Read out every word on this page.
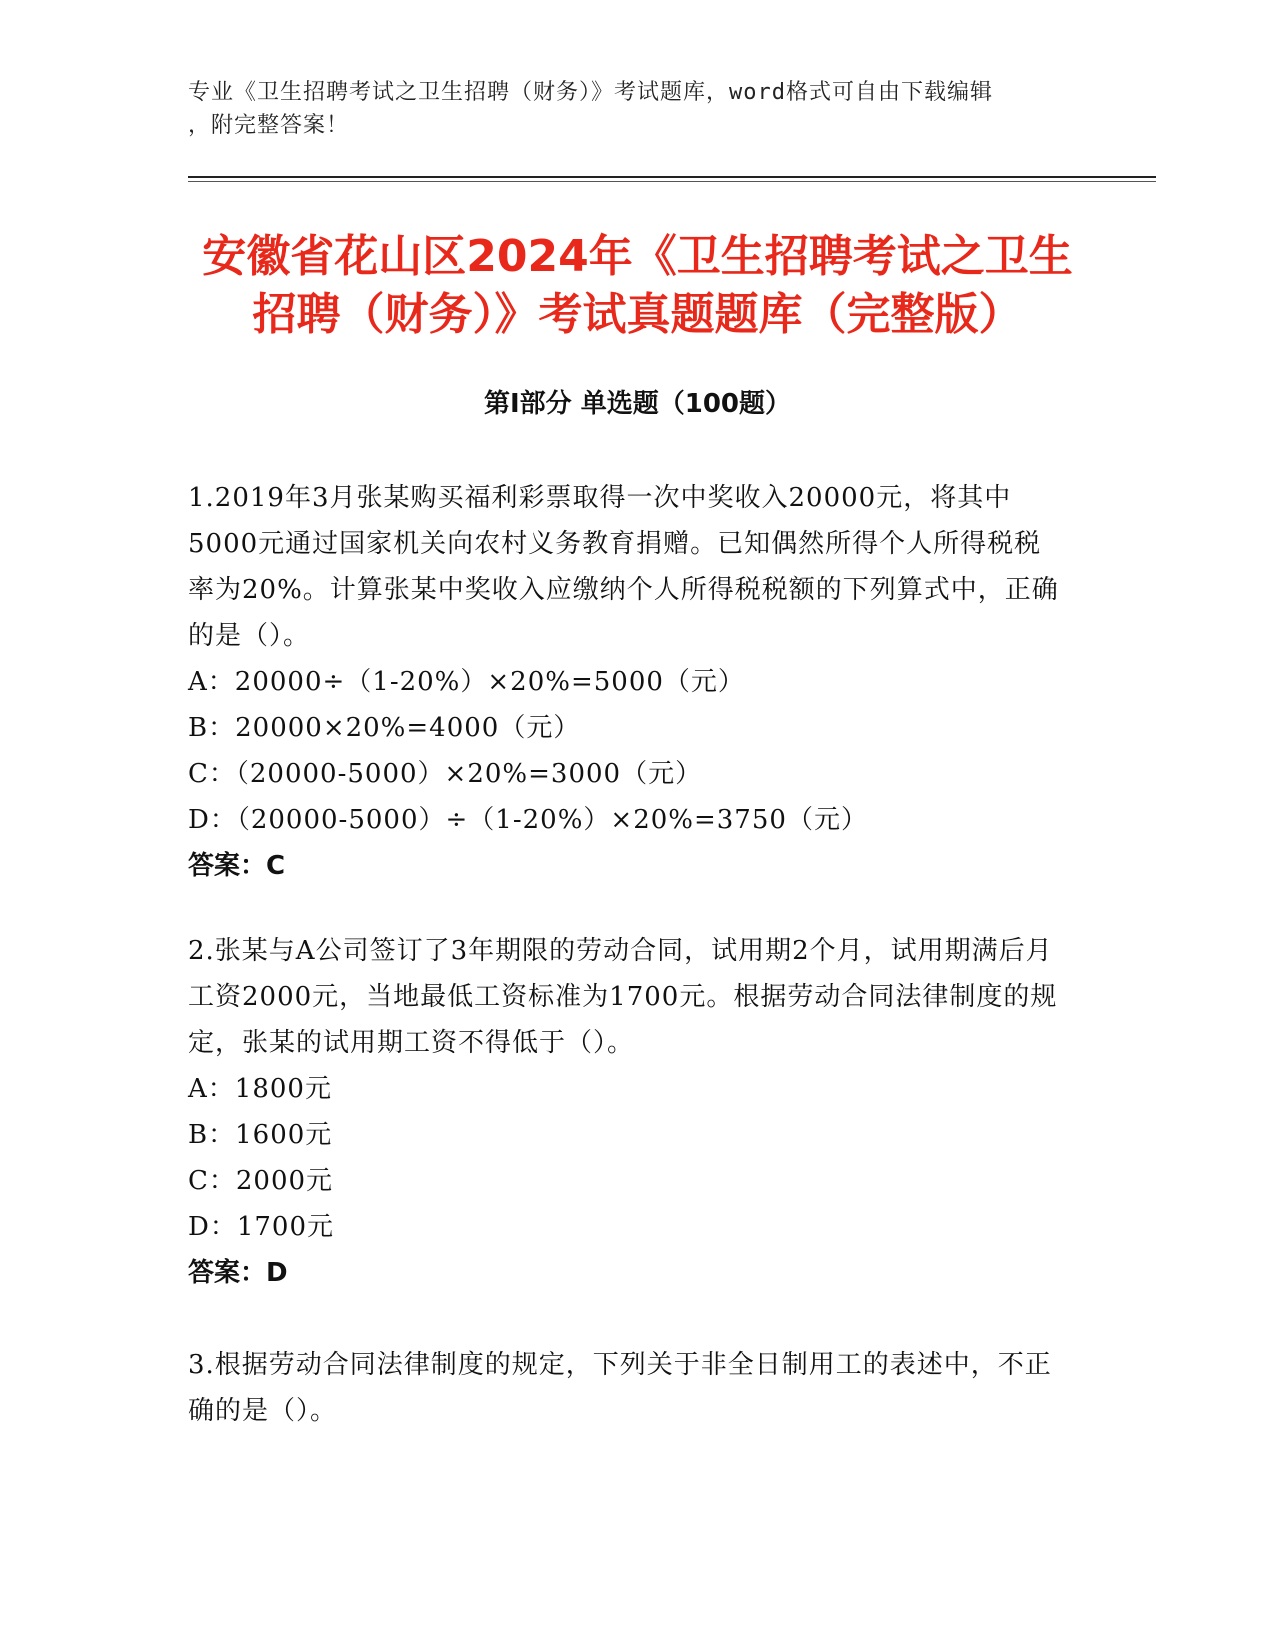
专业《卫生招聘考试之卫生招聘（财务）》考试题库，word格式可自由下载编辑
，附完整答案！
安徽省花山区2024年《卫生招聘考试之卫生
招聘（财务）》考试真题题库（完整版）
第Ⅰ部分 单选题（100题）
1.2019年3月张某购买福利彩票取得一次中奖收入20000元，将其中5000元通过国家机关向农村义务教育捐赠。已知偶然所得个人所得税税率为20%。计算张某中奖收入应缴纳个人所得税税额的下列算式中，正确的是（）。
A：20000÷（1-20%）×20%=5000（元）
B：20000×20%=4000（元）
C：（20000-5000）×20%=3000（元）
D：（20000-5000）÷（1-20%）×20%=3750（元）
答案：C
2.张某与A公司签订了3年期限的劳动合同，试用期2个月，试用期满后月工资2000元，当地最低工资标准为1700元。根据劳动合同法律制度的规定，张某的试用期工资不得低于（）。
A：1800元
B：1600元
C：2000元
D：1700元
答案：D
3.根据劳动合同法律制度的规定，下列关于非全日制用工的表述中，不正确的是（）。
